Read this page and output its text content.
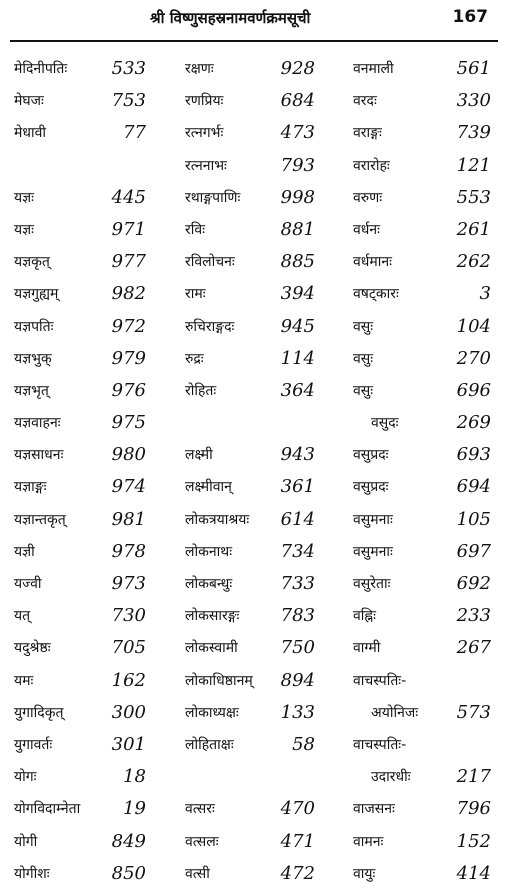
श्री विष्णुसहस्रनामवर्णक्रमसूची	167
मेदिनीपतिः 533
मेघजः	753
मेधावी	77
यज्ञः	445
यज्ञः	971
यज्ञकृत्	977
यज्ञगुह्यम्	982
यज्ञपतिः	972
यज्ञभुक्	979
यज्ञभृत्	976
यज्ञवाहनः	975
यज्ञसाधनः	980
यज्ञाङ्गः	974
यज्ञान्तकृत्	981
यज्ञी	978
यज्वी	973
यत्	730
यदुश्रेष्ठः	705
यमः	162
युगादिकृत्	300
युगावर्तः	301
योगः	18
योगविदाम्नेता 19
योगी	849
योगीशः	850
रक्षणः	928
रणप्रियः	684
रत्नगर्भः	473
रत्ननाभः	793
रथाङ्गपाणिः 998
रविः	881
रविलोचनः	885
रामः	394
रुचिराङ्गदः	945
रुद्रः	114
रोहितः	364
लक्ष्मी	943
लक्ष्मीवान्	361
लोकत्रयाश्रयः 614
लोकनाथः	734
लोकबन्धुः	733
लोकसारङ्गः 783
लोकस्वामी 750
लोकाधिष्ठानम् 894
लोकाध्यक्षः 133
लोहिताक्षः	58
वत्सरः	470
वत्सलः	471
वत्सी	472
वनमाली	561
वरदः	330
वराङ्गः	739
वरारोहः	121
वरुणः	553
वर्धनः	261
वर्धमानः	262
वषट्कारः	3
वसुः	104
वसुः	270
वसुः	696
वसुदः	269
वसुप्रदः	693
वसुप्रदः	694
वसुमनाः	105
वसुमनाः	697
वसुरेताः	692
वह्निः	233
वाग्मी	267
वाचस्पतिः-
अयोनिजः 573
वाचस्पतिः-
उदारधीः	217
वाजसनः	796
वामनः	152
वायुः	414
